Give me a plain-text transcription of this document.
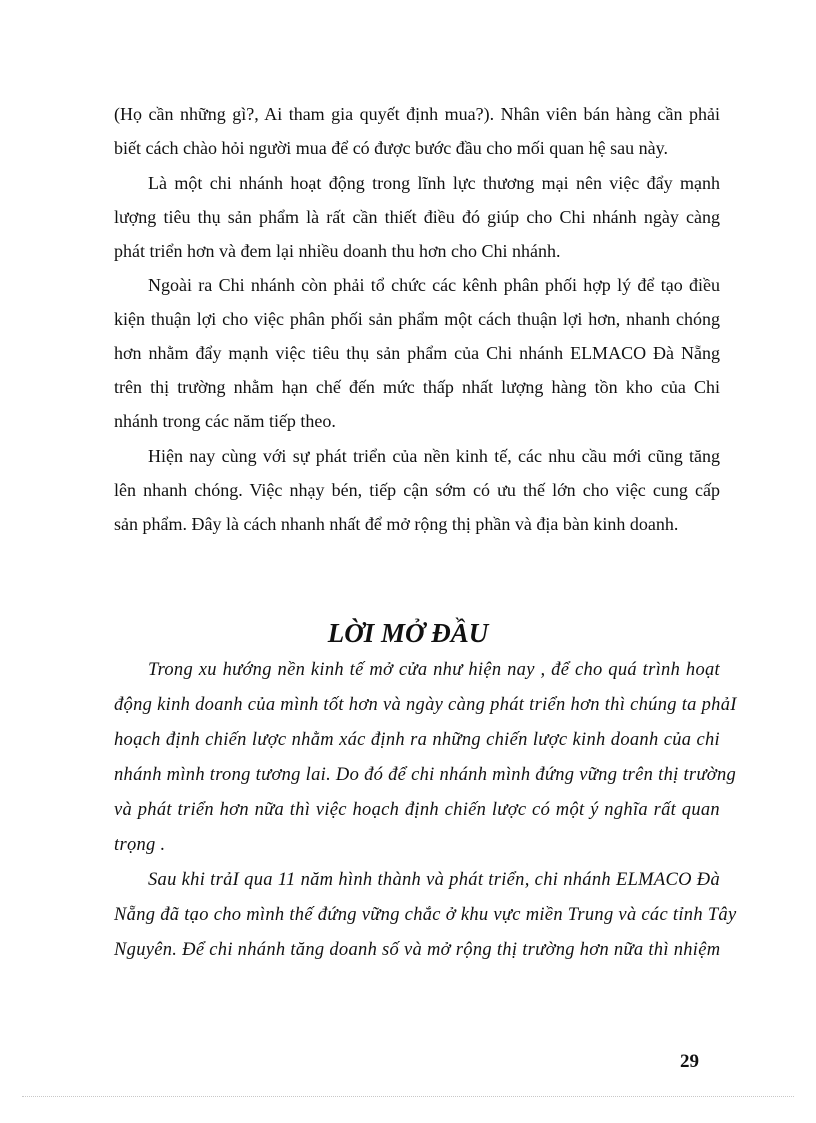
(Họ cần những gì?, Ai tham gia quyết định mua?). Nhân viên bán hàng cần phải
biết cách chào hỏi người mua để có được bước đầu cho mối quan hệ sau này.
Là một chi nhánh hoạt động trong lĩnh lực thương mại nên việc đẩy mạnh
lượng tiêu thụ sản phẩm là rất cần thiết điều đó giúp cho Chi nhánh ngày càng
phát triển hơn và đem lại nhiều doanh thu hơn cho Chi nhánh.
Ngoài ra Chi nhánh còn phải tổ chức các kênh phân phối hợp lý để tạo điều
kiện thuận lợi cho việc phân phối sản phẩm một cách thuận lợi hơn, nhanh chóng
hơn nhằm đẩy mạnh việc tiêu thụ sản phẩm của Chi nhánh ELMACO Đà Nẵng
trên thị trường nhằm hạn chế đến mức thấp nhất lượng hàng tồn kho của Chi
nhánh trong các năm tiếp theo.
Hiện nay cùng với sự phát triển của nền kinh tế, các nhu cầu mới cũng tăng
lên nhanh chóng. Việc nhạy bén, tiếp cận sớm có ưu thế lớn cho việc cung cấp
sản phẩm. Đây là cách nhanh nhất để mở rộng thị phần và địa bàn kinh doanh.
LỜI MỞ ĐẦU
Trong xu hướng nền kinh tế mở cửa như hiện nay , để cho quá trình hoạt
động kinh doanh của mình tốt hơn và ngày càng phát triển hơn thì chúng ta phảI
hoạch định chiến lược nhằm xác định ra những chiến lược kinh doanh của chi
nhánh mình trong tương lai. Do đó để chi nhánh mình đứng vững trên thị trường
và phát triển hơn nữa thì việc hoạch định chiến lược có một ý nghĩa rất quan
trọng .
Sau khi trảI qua 11 năm hình thành và phát triển, chi nhánh ELMACO Đà
Nẵng đã tạo cho mình thế đứng vững chắc ở khu vực miền Trung và các tỉnh Tây
Nguyên. Để chi nhánh tăng doanh số và mở rộng thị trường hơn nữa thì nhiệm
29
